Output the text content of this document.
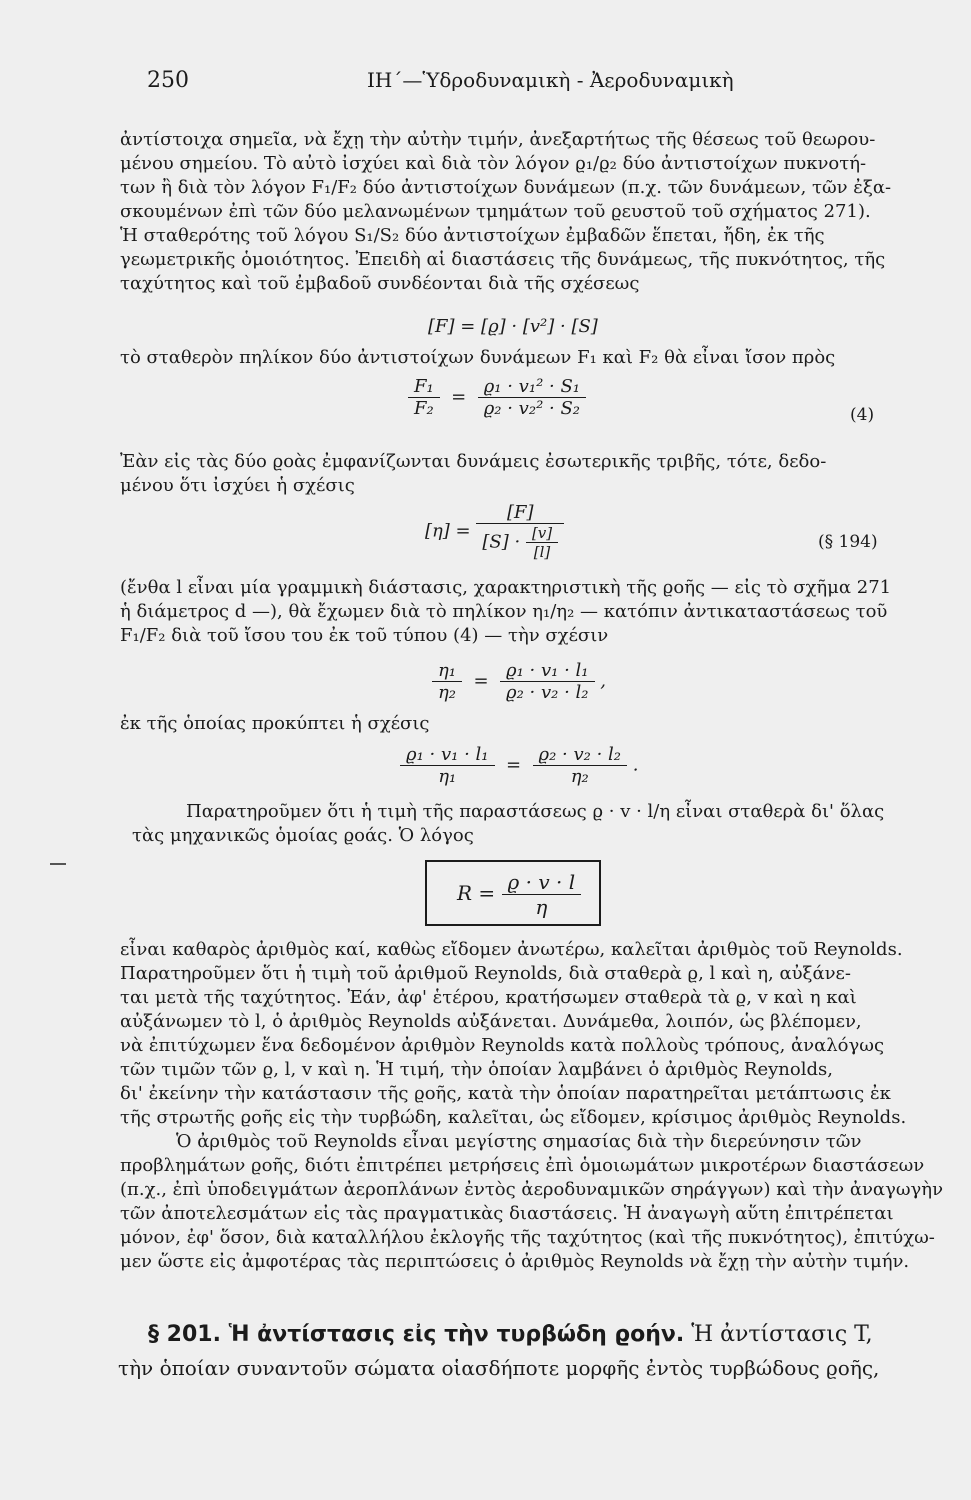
250	ΙΗ΄—Ὑδροδυναμικὴ - Ἀεροδυναμικὴ
ἀντίστοιχα σημεῖα, νὰ ἔχῃ τὴν αὐτὴν τιμήν, ἀνεξαρτήτως τῆς θέσεως τοῦ θεωρου-
μένου σημείου. Τὸ αὐτὸ ἰσχύει καὶ διὰ τὸν λόγον ϱ₁/ϱ₂ δύο ἀντιστοίχων πυκνοτή-
των ἢ διὰ τὸν λόγον F₁/F₂ δύο ἀντιστοίχων δυνάμεων (π.χ. τῶν δυνάμεων, τῶν ἐξα-
σκουμένων ἐπὶ τῶν δύο μελανωμένων τμημάτων τοῦ ϱευστοῦ τοῦ σχήματος 271).
Ἡ σταθερότης τοῦ λόγου S₁/S₂ δύο ἀντιστοίχων ἐμβαδῶν ἕπεται, ἤδη, ἐκ τῆς
γεωμετρικῆς ὁμοιότητος. Ἐπειδὴ αἱ διαστάσεις τῆς δυνάμεως, τῆς πυκνότητος, τῆς
ταχύτητος καὶ τοῦ ἐμβαδοῦ συνδέονται διὰ τῆς σχέσεως
[F] = [ϱ] · [v²] · [S]
τὸ σταθερὸν πηλίκον δύο ἀντιστοίχων δυνάμεων F₁ καὶ F₂ θὰ εἶναι ἴσον πρὸς
$\frac{\text{F₁}}{\text{F₂}} = \frac{\text{ϱ₁ · v₁² · S₁}}{\text{ϱ₂ · v₂² · S₂}}$	(4)
Ἐὰν εἰς τὰς δύο ϱοὰς ἐμφανίζωνται δυνάμεις ἐσωτερικῆς τριβῆς, τότε, δεδο-
μένου ὅτι ἰσχύει ἡ σχέσις
$[\eta] = \frac{[F]}{[S] \cdot \frac{[v]}{[l]}}$	(§ 194)
(ἔνθα l εἶναι μία γραμμικὴ διάστασις, χαρακτηριστικὴ τῆς ϱοῆς — εἰς τὸ σχῆμα 271
ἡ διάμετρος d —), θὰ ἔχωμεν διὰ τὸ πηλίκον η₁/η₂ — κατόπιν ἀντικαταστάσεως τοῦ
F₁/F₂ διὰ τοῦ ἴσου του ἐκ τοῦ τύπου (4) — τὴν σχέσιν
$\frac{\text{η₁}}{\text{η₂}} = \frac{\text{ϱ₁ · v₁ · l₁}}{\text{ϱ₂ · v₂ · l₂}}$ ,
ἐκ τῆς ὁποίας προκύπτει ἡ σχέσις
$\frac{\text{ϱ₁ · v₁ · l₁}}{\text{η₁}} = \frac{\text{ϱ₂ · v₂ · l₂}}{\text{η₂}}$ .
Παρατηροῦμεν ὅτι ἡ τιμὴ τῆς παραστάσεως ϱ · v · l/η εἶναι σταθερὰ δι' ὅλας
τὰς μηχανικῶς ὁμοίας ϱοάς. Ὁ λόγος
$R = \frac{ϱ \cdot v \cdot l}{\eta}$
εἶναι καθαρὸς ἀριθμὸς καί, καθὼς εἴδομεν ἀνωτέρω, καλεῖται ἀριθμὸς τοῦ Reynolds.
Παρατηροῦμεν ὅτι ἡ τιμὴ τοῦ ἀριθμοῦ Reynolds, διὰ σταθερὰ ϱ, l καὶ η, αὐξάνε-
ται μετὰ τῆς ταχύτητος. Ἐάν, ἀφ' ἑτέρου, κρατήσωμεν σταθερὰ τὰ ϱ, v καὶ η καὶ
αὐξάνωμεν τὸ l, ὁ ἀριθμὸς Reynolds αὐξάνεται. Δυνάμεθα, λοιπόν, ὡς βλέπομεν,
νὰ ἐπιτύχωμεν ἕνα δεδομένον ἀριθμὸν Reynolds κατὰ πολλοὺς τρόπους, ἀναλόγως
τῶν τιμῶν τῶν ϱ, l, v καὶ η. Ἡ τιμή, τὴν ὁποίαν λαμβάνει ὁ ἀριθμὸς Reynolds,
δι' ἐκείνην τὴν κατάστασιν τῆς ϱοῆς, κατὰ τὴν ὁποίαν παρατηρεῖται μετάπτωσις ἐκ
τῆς στρωτῆς ϱοῆς εἰς τὴν τυρβώδη, καλεῖται, ὡς εἴδομεν, κρίσιμος ἀριθμὸς Reynolds.
Ὁ ἀριθμὸς τοῦ Reynolds εἶναι μεγίστης σημασίας διὰ τὴν διερεύνησιν τῶν
προβλημάτων ϱοῆς, διότι ἐπιτρέπει μετρήσεις ἐπὶ ὁμοιωμάτων μικροτέρων διαστάσεων
(π.χ., ἐπὶ ὑποδειγμάτων ἀεροπλάνων ἐντὸς ἀεροδυναμικῶν σηράγγων) καὶ τὴν ἀναγωγὴν
τῶν ἀποτελεσμάτων εἰς τὰς πραγματικὰς διαστάσεις. Ἡ ἀναγωγὴ αὕτη ἐπιτρέπεται
μόνον, ἐφ' ὅσον, διὰ καταλλήλου ἐκλογῆς τῆς ταχύτητος (καὶ τῆς πυκνότητος), ἐπιτύχω-
μεν ὥστε εἰς ἀμφοτέρας τὰς περιπτώσεις ὁ ἀριθμὸς Reynolds νὰ ἔχῃ τὴν αὐτὴν τιμήν.
§ 201. Ἡ ἀντίστασις εἰς τὴν τυρβώδη ϱοήν. Ἡ ἀντίστασις T,
τὴν ὁποίαν συναντοῦν σώματα οἱασδήποτε μορφῆς ἐντὸς τυρβώδους ϱοῆς,
